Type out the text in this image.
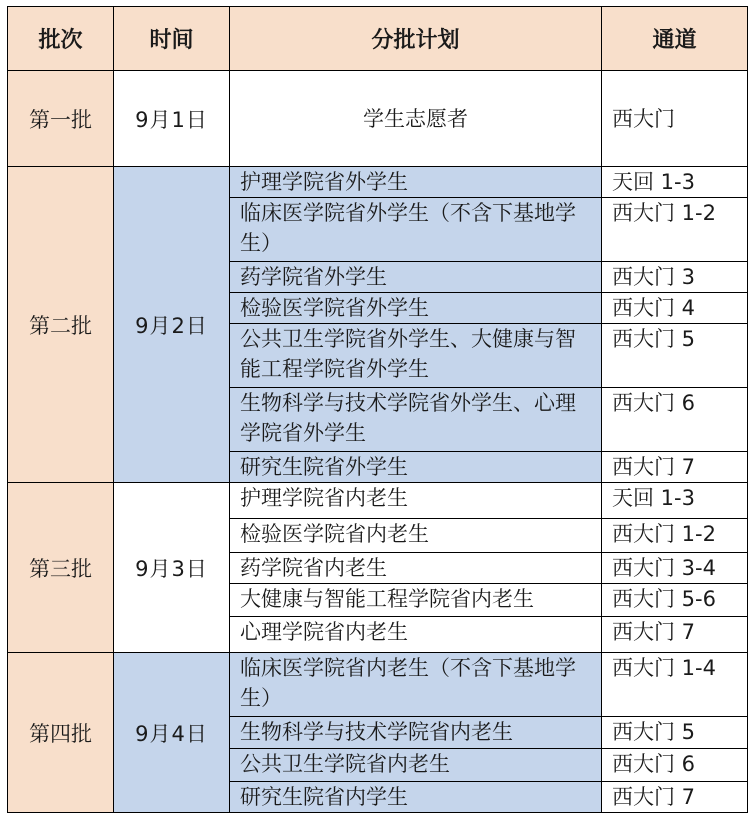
批次	时间	分批计划	通道
第一批	9月1日	学生志愿者	西大门
第二批	9月2日	护理学院省外学生	天回 1-3
		临床医学院省外学生（不含下基地学生）	西大门 1-2
		药学院省外学生	西大门 3
		检验医学院省外学生	西大门 4
		公共卫生学院省外学生、大健康与智能工程学院省外学生	西大门 5
		生物科学与技术学院省外学生、心理学院省外学生	西大门 6
		研究生院省外学生	西大门 7
第三批	9月3日	护理学院省内老生	天回 1-3
		检验医学院省内老生	西大门 1-2
		药学院省内老生	西大门 3-4
		大健康与智能工程学院省内老生	西大门 5-6
		心理学院省内老生	西大门 7
第四批	9月4日	临床医学院省内老生（不含下基地学生）	西大门 1-4
		生物科学与技术学院省内老生	西大门 5
		公共卫生学院省内老生	西大门 6
		研究生院省内学生	西大门 7
